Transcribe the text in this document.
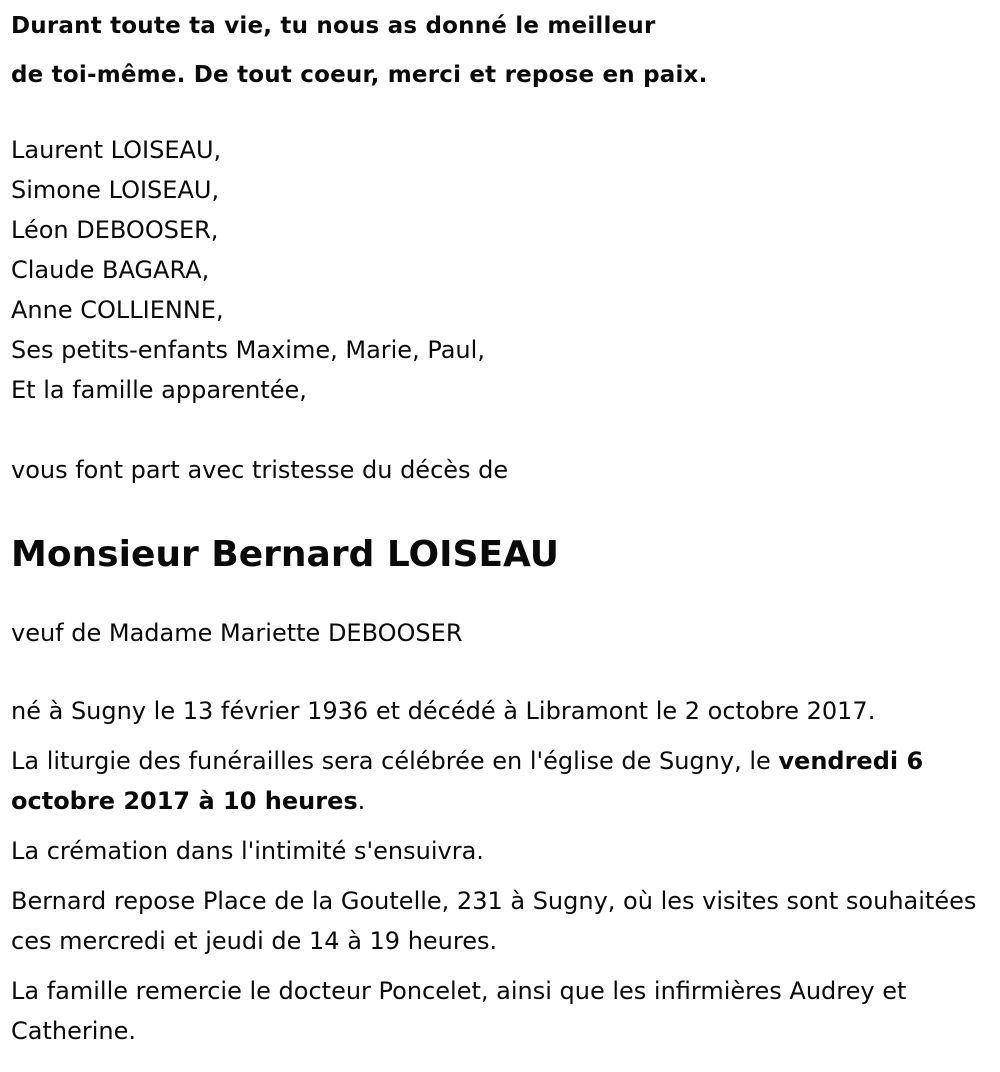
Durant toute ta vie, tu nous as donné le meilleur
de toi-même. De tout coeur, merci et repose en paix.
Laurent LOISEAU,
Simone LOISEAU,
Léon DEBOOSER,
Claude BAGARA,
Anne COLLIENNE,
Ses petits-enfants Maxime, Marie, Paul,
Et la famille apparentée,
vous font part avec tristesse du décès de
Monsieur Bernard LOISEAU
veuf de Madame Mariette DEBOOSER

né à Sugny le 13 février 1936 et décédé à Libramont le 2 octobre 2017.

La liturgie des funérailles sera célébrée en l'église de Sugny, le vendredi 6 octobre 2017 à 10 heures.

La crémation dans l'intimité s'ensuivra.

Bernard repose Place de la Goutelle, 231 à Sugny, où les visites sont souhaitées ces mercredi et jeudi de 14 à 19 heures.

La famille remercie le docteur Poncelet, ainsi que les infirmières Audrey et Catherine.
